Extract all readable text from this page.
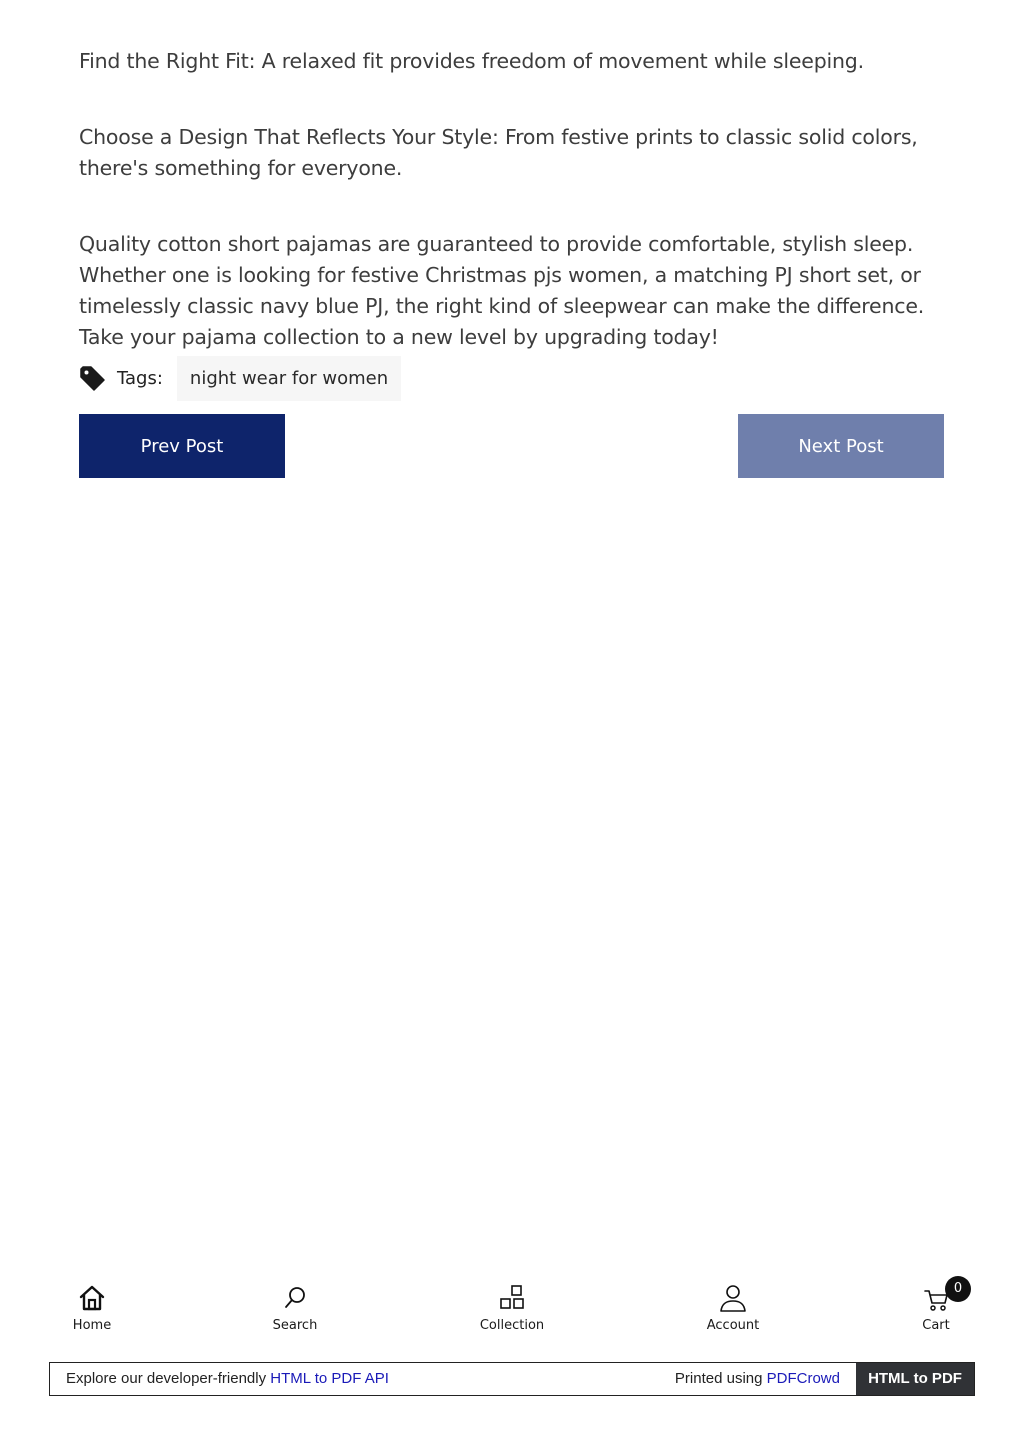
Find the Right Fit: A relaxed fit provides freedom of movement while sleeping.

Choose a Design That Reflects Your Style: From festive prints to classic solid colors, there's something for everyone.

Quality cotton short pajamas are guaranteed to provide comfortable, stylish sleep. Whether one is looking for festive Christmas pjs women, a matching PJ short set, or timelessly classic navy blue PJ, the right kind of sleepwear can make the difference. Take your pajama collection to a new level by upgrading today!

Tags:	night wear for women
Prev Post	Next Post
Home	Search	Collection	Account
0
Cart
Explore our developer-friendly HTML to PDF API	Printed using PDFCrowd	HTML to PDF
